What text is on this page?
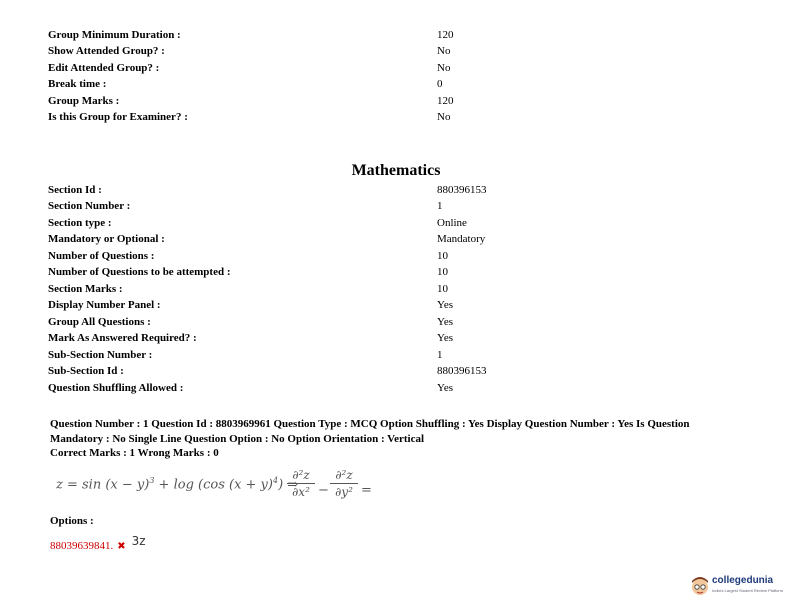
Group Minimum Duration :	120
Show Attended Group? :	No
Edit Attended Group? :	No
Break time :	0
Group Marks :	120
Is this Group for Examiner? :	No
Mathematics
Section Id :	880396153
Section Number :	1
Section type :	Online
Mandatory or Optional :	Mandatory
Number of Questions :	10
Number of Questions to be attempted :	10
Section Marks :	10
Display Number Panel :	Yes
Group All Questions :	Yes
Mark As Answered Required? :	Yes
Sub-Section Number :	1
Sub-Section Id :	880396153
Question Shuffling Allowed :	Yes
Question Number : 1 Question Id : 8803969961 Question Type : MCQ Option Shuffling : Yes Display Question Number : Yes Is Question
Mandatory : No Single Line Question Option : No Option Orientation : Vertical
Correct Marks : 1 Wrong Marks : 0
$z = \sin (x - y)^3 + \log (\cos$ $(x + y)^4$) ⇒
∂²z
∂x² −
∂²z
∂y² =
Options :
88039639841. ✖ 3z
collegedunia
India's Largest Student Review Platform
